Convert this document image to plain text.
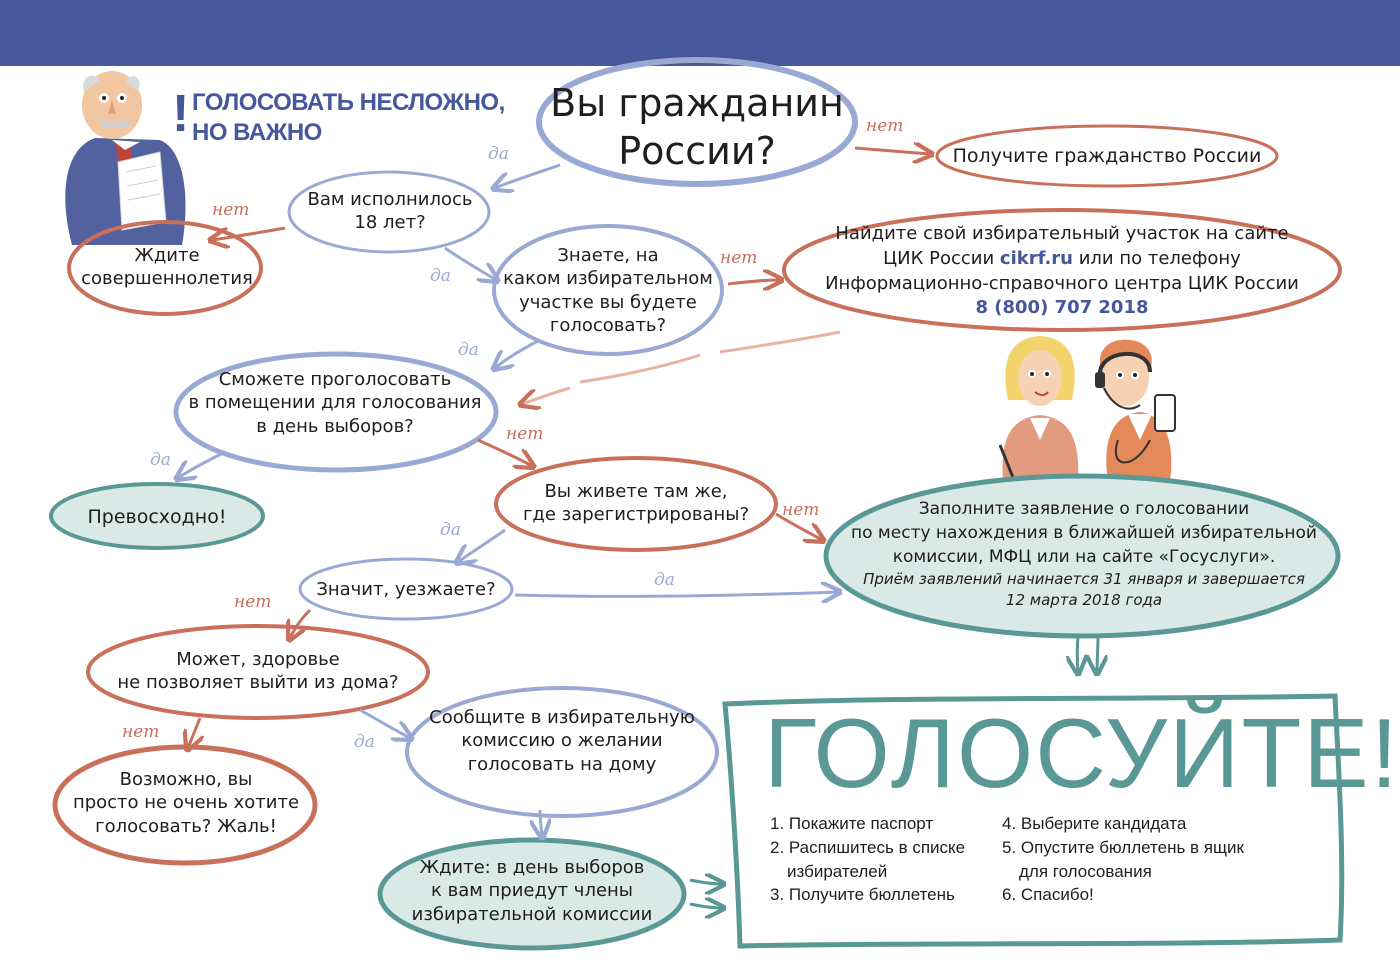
! ГОЛОСОВАТЬ НЕСЛОЖНО,
НО ВАЖНО
да
нет
нет
да
нет
да
да
нет
нет
да
да
нет
да
нет
Вы гражданин
России?	Получите гражданство России
Вам исполнилось
18 лет?
Ждите
совершеннолетия
Знаете, на
каком избирательном
участке вы будете
голосовать?
Найдите свой избирательный участок на сайте
ЦИК России cikrf.ru или по телефону
Информационно-справочного центра ЦИК России
8 (800) 707 2018
Сможете проголосовать
в помещении для голосования
в день выборов?
Превосходно!
Вы живете там же,
где зарегистрированы?	Заполните заявление о голосовании
по месту нахождения в ближайшей избирательной
комиссии, МФЦ или на сайте «Госуслуги».
Приём заявлений начинается 31 января и завершается
12 марта 2018 года
Значит, уезжаете?
Может, здоровье
не позволяет выйти из дома?
Сообщите в избирательную
комиссию о желании
голосовать на дому
Возможно, вы
просто не очень хотите
голосовать? Жаль!
Ждите: в день выборов
к вам приедут члены
избирательной комиссии
ГОЛОСУЙТЕ!
1. Покажите паспорт
2. Распишитесь в списке
избирателей
3. Получите бюллетень
4. Выберите кандидата
5. Опустите бюллетень в ящик
для голосования
6. Спасибо!
